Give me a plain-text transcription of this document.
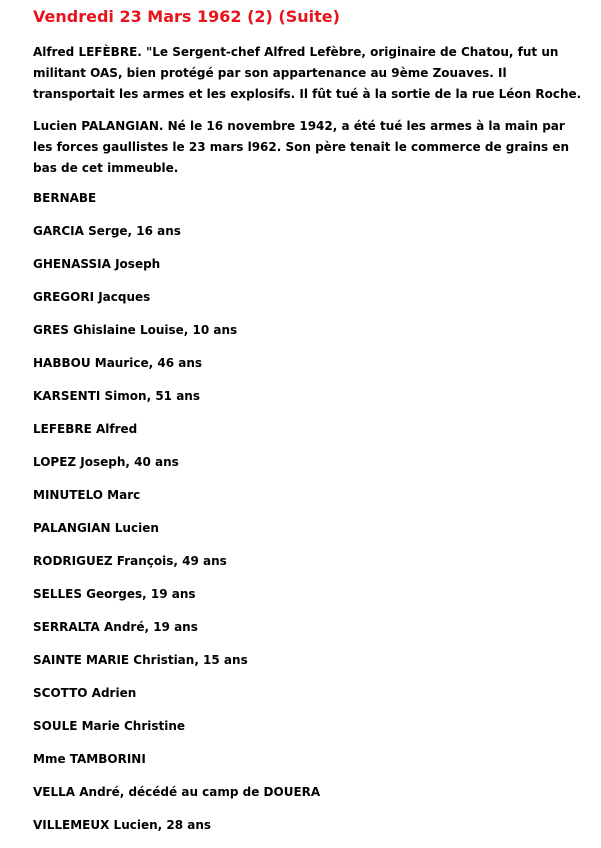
Vendredi 23 Mars 1962 (2) (Suite)

Alfred LEFÈBRE. "Le Sergent-chef Alfred Lefèbre, originaire de Chatou, fut un militant OAS, bien protégé par son appartenance au 9ème Zouaves. Il transportait les armes et les explosifs. Il fût tué à la sortie de la rue Léon Roche.

Lucien PALANGIAN. Né le 16 novembre 1942, a été tué les armes à la main par les forces gaullistes le 23 mars l962. Son père tenait le commerce de grains en bas de cet immeuble.

BERNABE
GARCIA Serge, 16 ans
GHENASSIA Joseph
GREGORI Jacques
GRES Ghislaine Louise, 10 ans
HABBOU Maurice, 46 ans
KARSENTI Simon, 51 ans
LEFEBRE Alfred
LOPEZ Joseph, 40 ans
MINUTELO Marc
PALANGIAN Lucien
RODRIGUEZ François, 49 ans
SELLES Georges, 19 ans
SERRALTA André, 19 ans
SAINTE MARIE Christian, 15 ans
SCOTTO Adrien
SOULE Marie Christine
Mme TAMBORINI
VELLA André, décédé au camp de DOUERA
VILLEMEUX Lucien, 28 ans
